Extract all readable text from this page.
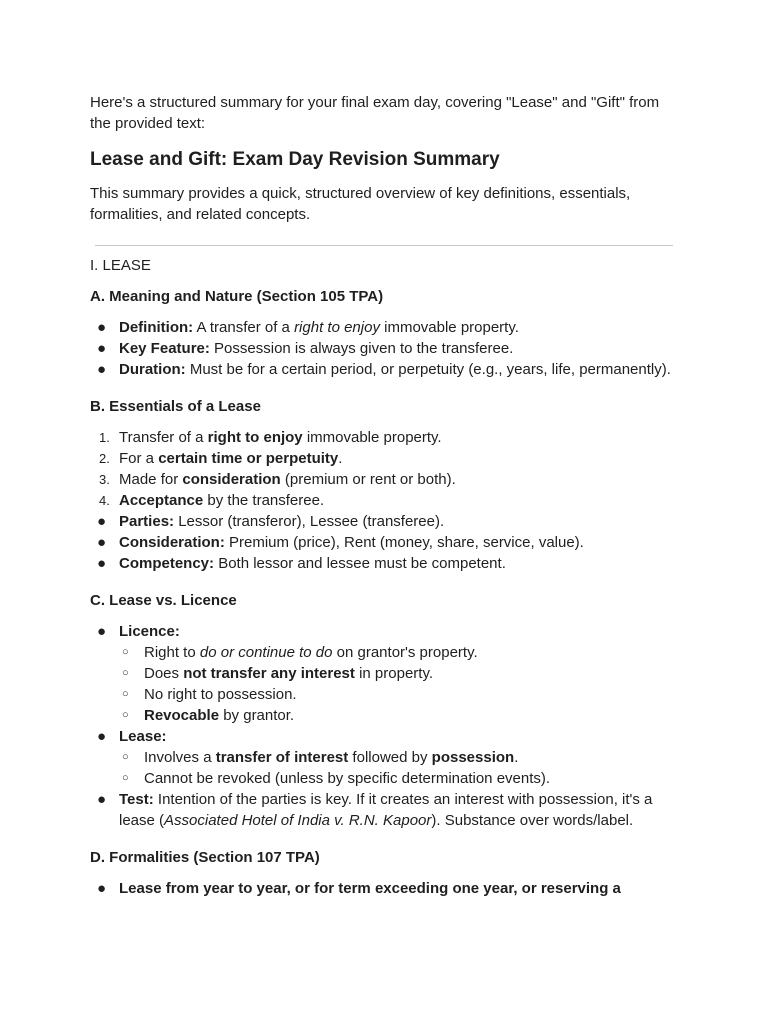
Here's a structured summary for your final exam day, covering "Lease" and "Gift" from the provided text:

Lease and Gift: Exam Day Revision Summary

This summary provides a quick, structured overview of key definitions, essentials, formalities, and related concepts.

I. LEASE

A. Meaning and Nature (Section 105 TPA)
● Definition: A transfer of a right to enjoy immovable property.
● Key Feature: Possession is always given to the transferee.
● Duration: Must be for a certain period, or perpetuity (e.g., years, life, permanently).
B. Essentials of a Lease
1. Transfer of a right to enjoy immovable property.
2. For a certain time or perpetuity.
3. Made for consideration (premium or rent or both).
4. Acceptance by the transferee.
● Parties: Lessor (transferor), Lessee (transferee).
● Consideration: Premium (price), Rent (money, share, service, value).
● Competency: Both lessor and lessee must be competent.
C. Lease vs. Licence
● Licence:
○ Right to do or continue to do on grantor's property.
○ Does not transfer any interest in property.
○ No right to possession.
○ Revocable by grantor.
● Lease:
○ Involves a transfer of interest followed by possession.
○ Cannot be revoked (unless by specific determination events).
● Test: Intention of the parties is key. If it creates an interest with possession, it's a lease (Associated Hotel of India v. R.N. Kapoor). Substance over words/label.
D. Formalities (Section 107 TPA)
● Lease from year to year, or for term exceeding one year, or reserving a
